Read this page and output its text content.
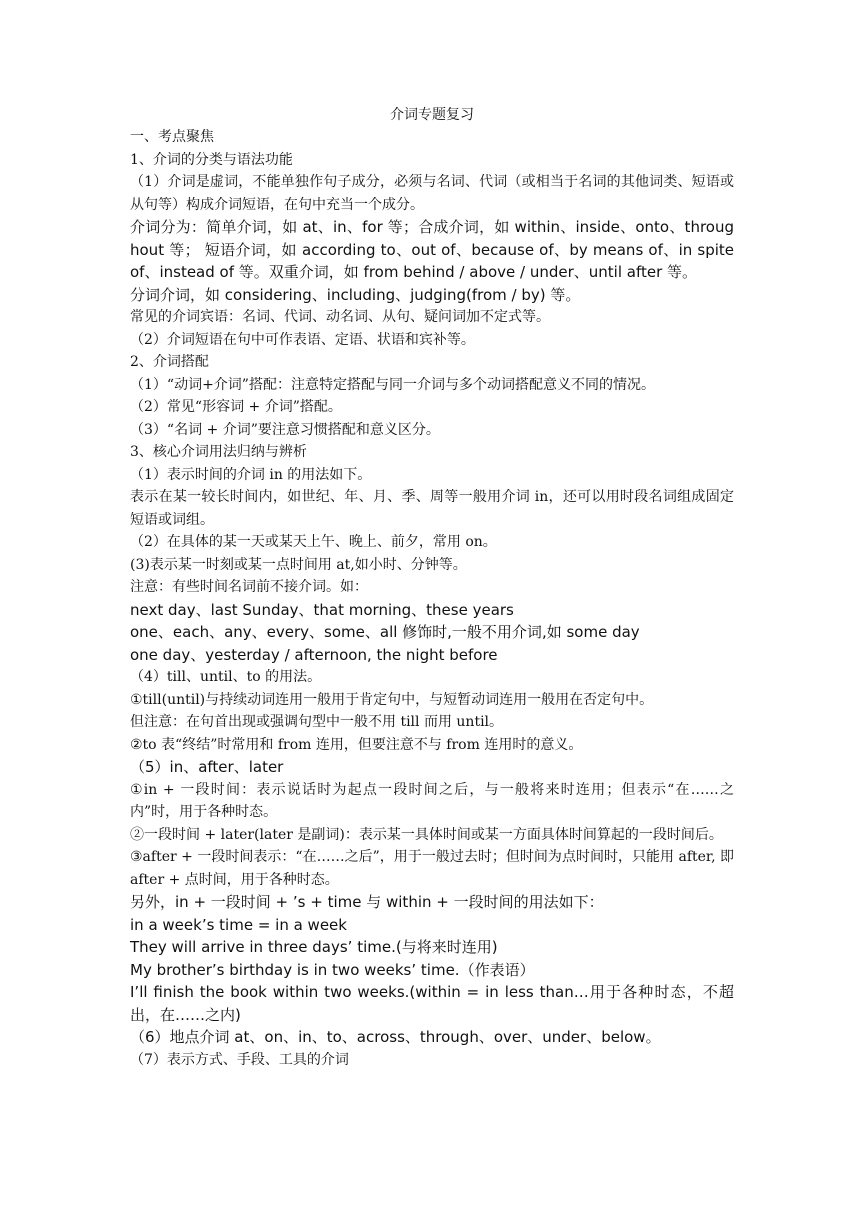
介词专题复习

一、考点聚焦

1、介词的分类与语法功能

（1）介词是虚词，不能单独作句子成分，必须与名词、代词（或相当于名词的其他词类、短语或从句等）构成介词短语，在句中充当一个成分。

介词分为：简单介词，如 at、in、for 等；合成介词，如 within、inside、onto、throughout 等； 短语介词，如 according to、out of、because of、by means of、in spite of、instead of 等。双重介词，如 from behind / above / under、until after 等。

分词介词，如 considering、including、judging(from / by) 等。

常见的介词宾语：名词、代词、动名词、从句、疑问词加不定式等。

（2）介词短语在句中可作表语、定语、状语和宾补等。

2、介词搭配

（1）“动词+介词”搭配：注意特定搭配与同一介词与多个动词搭配意义不同的情况。

（2）常见“形容词 + 介词”搭配。

（3）“名词 + 介词”要注意习惯搭配和意义区分。

3、核心介词用法归纳与辨析

（1）表示时间的介词 in 的用法如下。

表示在某一较长时间内，如世纪、年、月、季、周等一般用介词 in，还可以用时段名词组成固定短语或词组。

（2）在具体的某一天或某天上午、晚上、前夕，常用 on。

(3)表示某一时刻或某一点时间用 at,如小时、分钟等。

注意：有些时间名词前不接介词。如：

next day、last Sunday、that morning、these years

one、each、any、every、some、all 修饰时,一般不用介词,如 some day

one day、yesterday / afternoon, the night before

（4）till、until、to 的用法。

①till(until)与持续动词连用一般用于肯定句中，与短暂动词连用一般用在否定句中。

但注意：在句首出现或强调句型中一般不用 till 而用 until。

②to 表“终结”时常用和 from 连用，但要注意不与 from 连用时的意义。

（5）in、after、later

①in + 一段时间：表示说话时为起点一段时间之后，与一般将来时连用；但表示“在……之内”时，用于各种时态。

②一段时间 + later(later 是副词)：表示某一具体时间或某一方面具体时间算起的一段时间后。

③after + 一段时间表示：“在……之后”，用于一般过去时；但时间为点时间时，只能用 after, 即 after + 点时间，用于各种时态。

另外，in + 一段时间 + ’s + time 与 within + 一段时间的用法如下：

in a week’s time = in a week

They will arrive in three days’ time.(与将来时连用)

My brother’s birthday is in two weeks’ time.（作表语）

I’ll finish the book within two weeks.(within = in less than…用于各种时态，不超出，在……之内)

（6）地点介词 at、on、in、to、across、through、over、under、below。

（7）表示方式、手段、工具的介词
